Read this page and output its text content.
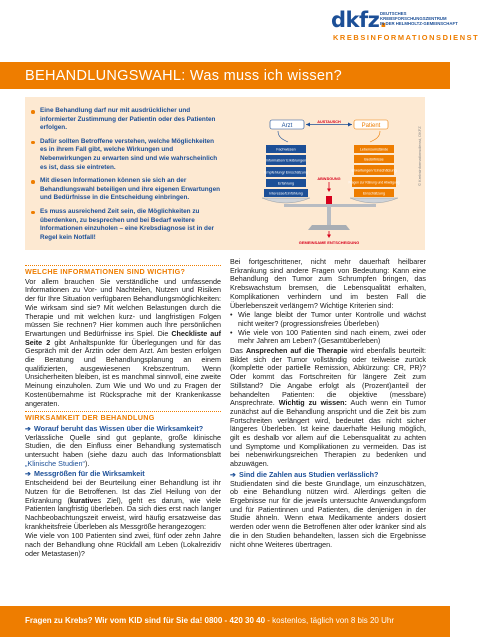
dkfz.
DEUTSCHES
KREBSFORSCHUNGSZENTRUM
IN DER HELMHOLTZ-GEMEINSCHAFT
KREBSINFORMATIONSDIENST
BEHANDLUNGSWAHL: Was muss ich wissen?
Eine Behandlung darf nur mit ausdrücklicher und informierter Zustimmung der Patientin oder des Patienten erfolgen.
Dafür sollten Betroffene verstehen, welche Möglichkeiten es in ihrem Fall gibt, welche Wirkungen und Nebenwirkungen zu erwarten sind und wie wahrscheinlich es ist, dass sie eintreten.
Mit diesen Informationen können sie sich an der Behandlungswahl beteiligen und ihre eigenen Erwartungen und Bedürfnisse in die Entscheidung einbringen.
Es muss ausreichend Zeit sein, die Möglichkeiten zu überdenken, zu besprechen und bei Bedarf weitere Informationen einzuholen – eine Krebsdiagnose ist in der Regel kein Notfall!
Arzt
AUSTAUSCH
Patient
Fachwissen
Information/ Erklärungen
Empfehlung/ Einschätzung
Erfahrung
Interesse/Einfühlung
Lebensumstände
Bedürfnisse
Erwartungen/ Einschätzung
Fragen zur Klärung und Abwägung
Einschätzung
ABWÄGUNG
GEMEINSAME ENTSCHEIDUNG
© Krebsinformationsdienst, DKFZ
WELCHE INFORMATIONEN SIND WICHTIG?
Vor allem brauchen Sie verständliche und umfassende Informationen zu Vor- und Nachteilen, Nutzen und Risiken der für Ihre Situation verfügbaren Behandlungsmöglichkeiten: Wie wirksam sind sie? Mit welchen Belastungen durch die Therapie und mit welchen kurz- und langfristigen Folgen müssen Sie rechnen? Hier kommen auch Ihre persönlichen Erwartungen und Bedürfnisse ins Spiel. Die Checkliste auf Seite 2 gibt Anhaltspunkte für Überlegungen und für das Gespräch mit der Ärztin oder dem Arzt. Am besten erfolgen die Beratung und Behandlungsplanung an einem qualifizierten, ausgewiesenen Krebszentrum. Wenn Unsicherheiten bleiben, ist es manchmal sinnvoll, eine zweite Meinung einzuholen. Zum Wie und Wo und zu Fragen der Kostenübernahme ist Rücksprache mit der Krankenkasse angeraten.
WIRKSAMKEIT DER BEHANDLUNG
➔ Worauf beruht das Wissen über die Wirksamkeit?
Verlässliche Quelle sind gut geplante, große klinische Studien, die den Einfluss einer Behandlung systematisch untersucht haben (siehe dazu auch das Informationsblatt „Klinische Studien“).
➔ Messgrößen für die Wirksamkeit
Entscheidend bei der Beurteilung einer Behandlung ist ihr Nutzen für die Betroffenen. Ist das Ziel Heilung von der Erkrankung (kuratives Ziel), geht es darum, wie viele Patienten langfristig überleben. Da sich dies erst nach langer Nachbeobachtungszeit erweist, wird häufig ersatzweise das krankheitsfreie Überleben als Messgröße herangezogen:
Wie viele von 100 Patienten sind zwei, fünf oder zehn Jahre nach der Behandlung ohne Rückfall am Leben (Lokalrezidiv oder Metastasen)?
Bei fortgeschrittener, nicht mehr dauerhaft heilbarer Erkrankung sind andere Fragen von Bedeutung: Kann eine Behandlung den Tumor zum Schrumpfen bringen, das Krebswachstum bremsen, die Lebensqualität erhalten, Komplikationen verhindern und im besten Fall die Überlebenszeit verlängern? Wichtige Kriterien sind:
• Wie lange bleibt der Tumor unter Kontrolle und wächst nicht weiter? (progressionsfreies Überleben)
• Wie viele von 100 Patienten sind nach einem, zwei oder mehr Jahren am Leben? (Gesamtüberleben)
Das Ansprechen auf die Therapie wird ebenfalls beurteilt: Bildet sich der Tumor vollständig oder teilweise zurück (komplette oder partielle Remission, Abkürzung: CR, PR)? Oder kommt das Fortschreiten für längere Zeit zum Stillstand? Die Angabe erfolgt als (Prozent)anteil der behandelten Patienten: die objektive (messbare) Ansprechrate. Wichtig zu wissen: Auch wenn ein Tumor zunächst auf die Behandlung anspricht und die Zeit bis zum Fortschreiten verlängert wird, bedeutet das nicht sicher längeres Überleben. Ist keine dauerhafte Heilung möglich, gilt es deshalb vor allem auf die Lebensqualität zu achten und Symptome und Komplikationen zu vermeiden. Das ist bei nebenwirkungsreichen Therapien zu bedenken und abzuwägen.
➔ Sind die Zahlen aus Studien verlässlich?
Studiendaten sind die beste Grundlage, um einzuschätzen, ob eine Behandlung nützen wird. Allerdings gelten die Ergebnisse nur für die jeweils untersuchte Anwendungsform und für Patientinnen und Patienten, die denjenigen in der Studie ähneln. Wenn etwa Medikamente anders dosiert werden oder wenn die Betroffenen älter oder kränker sind als die in den Studien behandelten, lassen sich die Ergebnisse nicht ohne Weiteres übertragen.
Fragen zu Krebs? Wir vom KID sind für Sie da! 0800 - 420 30 40 - kostenlos, täglich von 8 bis 20 Uhr
